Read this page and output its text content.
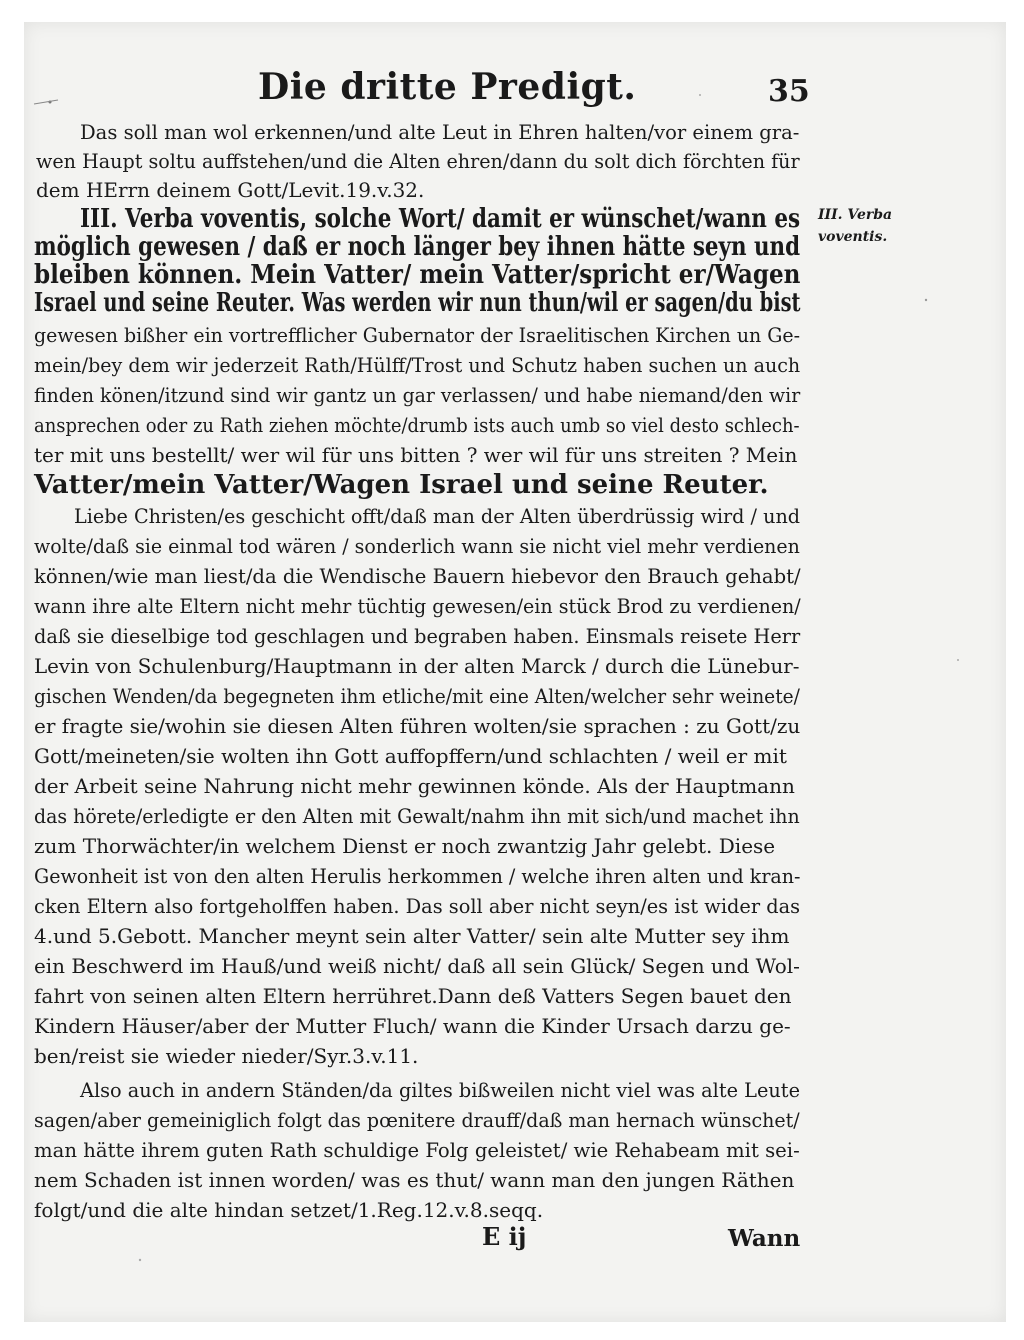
Die dritte Predigt.	35
III. Verba
voventis.
Das soll man wol erkennen/und alte Leut in Ehren halten/vor einem gra-
wen Haupt soltu auffstehen/und die Alten ehren/dann du solt dich förchten für
dem HErrn deinem Gott/Levit.19.v.32.
III. Verba voventis, solche Wort/ damit er wünschet/wann es
möglich gewesen / daß er noch länger bey ihnen hätte seyn und
bleiben können. Mein Vatter/ mein Vatter/spricht er/Wagen
Israel und seine Reuter. Was werden wir nun thun/wil er sagen/du bist
gewesen bißher ein vortrefflicher Gubernator der Israelitischen Kirchen un Ge-
mein/bey dem wir jederzeit Rath/Hülff/Trost und Schutz haben suchen un auch
finden könen/itzund sind wir gantz un gar verlassen/ und habe niemand/den wir
ansprechen oder zu Rath ziehen möchte/drumb ists auch umb so viel desto schlech-
ter mit uns bestellt/ wer wil für uns bitten ? wer wil für uns streiten ? Mein
Vatter/mein Vatter/Wagen Israel und seine Reuter.
Liebe Christen/es geschicht offt/daß man der Alten überdrüssig wird / und
wolte/daß sie einmal tod wären / sonderlich wann sie nicht viel mehr verdienen
können/wie man liest/da die Wendische Bauern hiebevor den Brauch gehabt/
wann ihre alte Eltern nicht mehr tüchtig gewesen/ein stück Brod zu verdienen/
daß sie dieselbige tod geschlagen und begraben haben. Einsmals reisete Herr
Levin von Schulenburg/Hauptmann in der alten Marck / durch die Lünebur-
gischen Wenden/da begegneten ihm etliche/mit eine Alten/welcher sehr weinete/
er fragte sie/wohin sie diesen Alten führen wolten/sie sprachen : zu Gott/zu
Gott/meineten/sie wolten ihn Gott auffopffern/und schlachten / weil er mit
der Arbeit seine Nahrung nicht mehr gewinnen könde. Als der Hauptmann
das hörete/erledigte er den Alten mit Gewalt/nahm ihn mit sich/und machet ihn
zum Thorwächter/in welchem Dienst er noch zwantzig Jahr gelebt. Diese
Gewonheit ist von den alten Herulis herkommen / welche ihren alten und kran-
cken Eltern also fortgeholffen haben. Das soll aber nicht seyn/es ist wider das
4.und 5.Gebott. Mancher meynt sein alter Vatter/ sein alte Mutter sey ihm
ein Beschwerd im Hauß/und weiß nicht/ daß all sein Glück/ Segen und Wol-
fahrt von seinen alten Eltern herrühret.Dann deß Vatters Segen bauet den
Kindern Häuser/aber der Mutter Fluch/ wann die Kinder Ursach darzu ge-
ben/reist sie wieder nieder/Syr.3.v.11.
Also auch in andern Ständen/da giltes bißweilen nicht viel was alte Leute
sagen/aber gemeiniglich folgt das pœnitere drauff/daß man hernach wünschet/
man hätte ihrem guten Rath schuldige Folg geleistet/ wie Rehabeam mit sei-
nem Schaden ist innen worden/ was es thut/ wann man den jungen Räthen
folgt/und die alte hindan setzet/1.Reg.12.v.8.seqq.
E ij	Wann
